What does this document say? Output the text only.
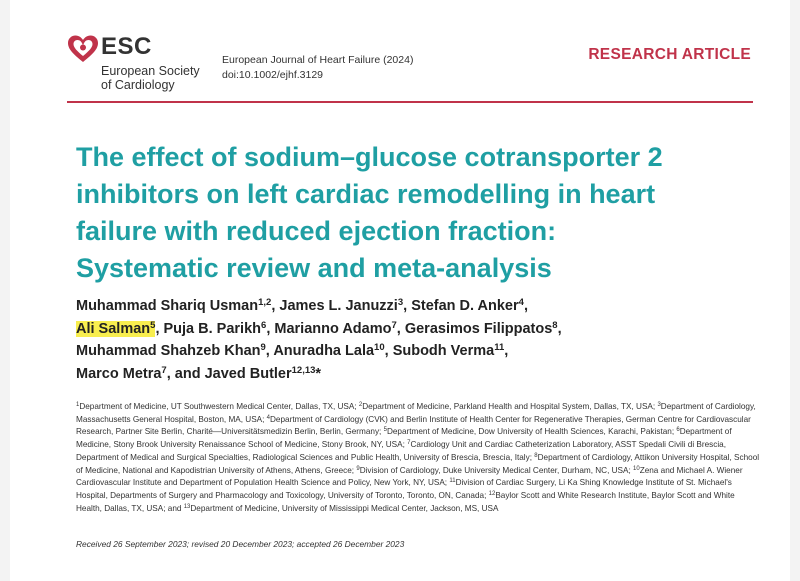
ESC
European Society
of Cardiology
European Journal of Heart Failure (2024)
doi:10.1002/ejhf.3129
RESEARCH ARTICLE
The effect of sodium–glucose cotransporter 2
inhibitors on left cardiac remodelling in heart
failure with reduced ejection fraction:
Systematic review and meta-analysis
Muhammad Shariq Usman$^{1,2}$, James L. Januzzi$^3$, Stefan D. Anker$^4$,
Ali Salman$^5$, Puja B. Parikh$^6$, Marianno Adamo$^7$, Gerasimos Filippatos$^8$,
Muhammad Shahzeb Khan$^9$, Anuradha Lala$^{10}$, Subodh Verma$^{11}$,
Marco Metra$^7$, and Javed Butler$^{12,13}$*
$^1$Department of Medicine, UT Southwestern Medical Center, Dallas, TX, USA; $^2$Department of Medicine, Parkland Health and Hospital System, Dallas, TX, USA; $^3$Department of Cardiology, Massachusetts General Hospital, Boston, MA, USA; $^4$Department of Cardiology (CVK) and Berlin Institute of Health Center for Regenerative Therapies, German Centre for Cardiovascular Research, Partner Site Berlin, Charité—Universitätsmedizin Berlin, Berlin, Germany; $^5$Department of Medicine, Dow University of Health Sciences, Karachi, Pakistan; $^6$Department of Medicine, Stony Brook University Renaissance School of Medicine, Stony Brook, NY, USA; $^7$Cardiology Unit and Cardiac Catheterization Laboratory, ASST Spedali Civili di Brescia, Department of Medical and Surgical Specialties, Radiological Sciences and Public Health, University of Brescia, Brescia, Italy; $^8$Department of Cardiology, Attikon University Hospital, School of Medicine, National and Kapodistrian University of Athens, Athens, Greece; $^9$Division of Cardiology, Duke University Medical Center, Durham, NC, USA; $^{10}$Zena and Michael A. Wiener Cardiovascular Institute and Department of Population Health Science and Policy, New York, NY, USA; $^{11}$Division of Cardiac Surgery, Li Ka Shing Knowledge Institute of St. Michael's Hospital, Departments of Surgery and Pharmacology and Toxicology, University of Toronto, Toronto, ON, Canada; $^{12}$Baylor Scott and White Research Institute, Baylor Scott and White Health, Dallas, TX, USA; and $^{13}$Department of Medicine, University of Mississippi Medical Center, Jackson, MS, USA
Received 26 September 2023; revised 20 December 2023; accepted 26 December 2023
